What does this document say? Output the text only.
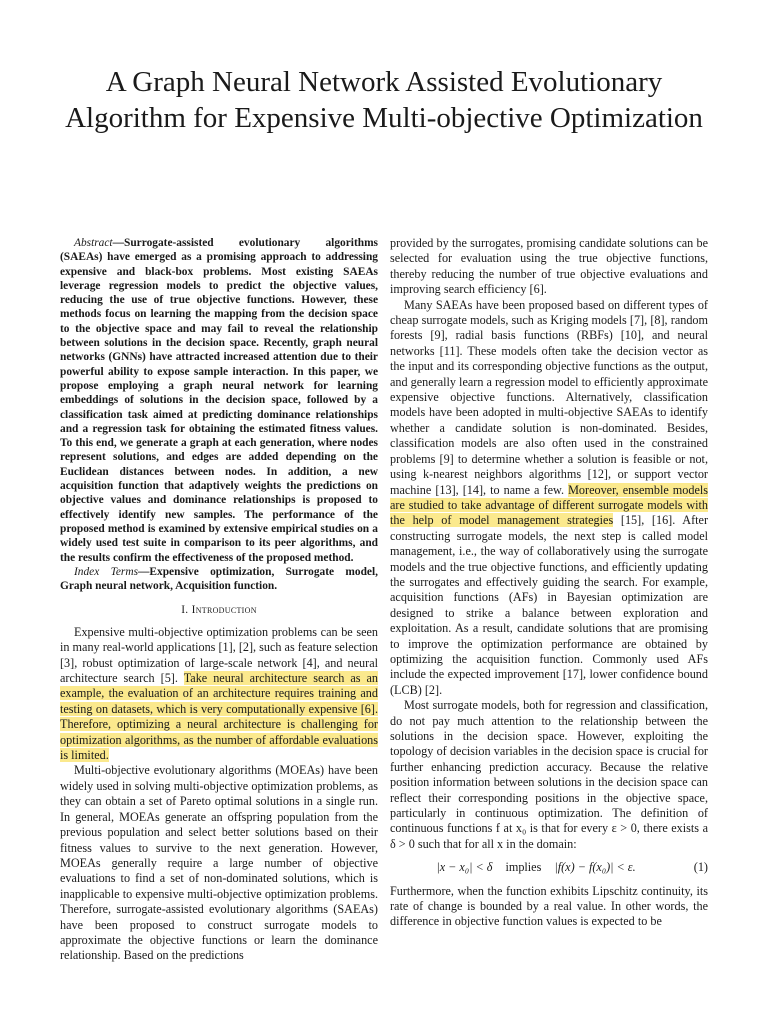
A Graph Neural Network Assisted Evolutionary Algorithm for Expensive Multi-objective Optimization

Abstract—Surrogate-assisted evolutionary algorithms (SAEAs) have emerged as a promising approach to addressing expensive and black-box problems. Most existing SAEAs leverage regression models to predict the objective values, reducing the use of true objective functions. However, these methods focus on learning the mapping from the decision space to the objective space and may fail to reveal the relationship between solutions in the decision space. Recently, graph neural networks (GNNs) have attracted increased attention due to their powerful ability to expose sample interaction. In this paper, we propose employing a graph neural network for learning embeddings of solutions in the decision space, followed by a classification task aimed at predicting dominance relationships and a regression task for obtaining the estimated fitness values. To this end, we generate a graph at each generation, where nodes represent solutions, and edges are added depending on the Euclidean distances between nodes. In addition, a new acquisition function that adaptively weights the predictions on objective values and dominance relationships is proposed to effectively identify new samples. The performance of the proposed method is examined by extensive empirical studies on a widely used test suite in comparison to its peer algorithms, and the results confirm the effectiveness of the proposed method.

Index Terms—Expensive optimization, Surrogate model, Graph neural network, Acquisition function.

I. Introduction

Expensive multi-objective optimization problems can be seen in many real-world applications [1], [2], such as feature selection [3], robust optimization of large-scale network [4], and neural architecture search [5]. Take neural architecture search as an example, the evaluation of an architecture requires training and testing on datasets, which is very computationally expensive [6]. Therefore, optimizing a neural architecture is challenging for optimization algorithms, as the number of affordable evaluations is limited.

Multi-objective evolutionary algorithms (MOEAs) have been widely used in solving multi-objective optimization problems, as they can obtain a set of Pareto optimal solutions in a single run. In general, MOEAs generate an offspring population from the previous population and select better solutions based on their fitness values to survive to the next generation. However, MOEAs generally require a large number of objective evaluations to find a set of non-dominated solutions, which is inapplicable to expensive multi-objective optimization problems. Therefore, surrogate-assisted evolutionary algorithms (SAEAs) have been proposed to construct surrogate models to approximate the objective functions or learn the dominance relationship. Based on the predictions

provided by the surrogates, promising candidate solutions can be selected for evaluation using the true objective functions, thereby reducing the number of true objective evaluations and improving search efficiency [6].

Many SAEAs have been proposed based on different types of cheap surrogate models, such as Kriging models [7], [8], random forests [9], radial basis functions (RBFs) [10], and neural networks [11]. These models often take the decision vector as the input and its corresponding objective functions as the output, and generally learn a regression model to efficiently approximate expensive objective functions. Alternatively, classification models have been adopted in multi-objective SAEAs to identify whether a candidate solution is non-dominated. Besides, classification models are also often used in the constrained problems [9] to determine whether a solution is feasible or not, using k-nearest neighbors algorithms [12], or support vector machine [13], [14], to name a few. Moreover, ensemble models are studied to take advantage of different surrogate models with the help of model management strategies [15], [16]. After constructing surrogate models, the next step is called model management, i.e., the way of collaboratively using the surrogate models and the true objective functions, and efficiently updating the surrogates and effectively guiding the search. For example, acquisition functions (AFs) in Bayesian optimization are designed to strike a balance between exploration and exploitation. As a result, candidate solutions that are promising to improve the optimization performance are obtained by optimizing the acquisition function. Commonly used AFs include the expected improvement [17], lower confidence bound (LCB) [2].

Most surrogate models, both for regression and classification, do not pay much attention to the relationship between the solutions in the decision space. However, exploiting the topology of decision variables in the decision space is crucial for further enhancing prediction accuracy. Because the relative position information between solutions in the decision space can reflect their corresponding positions in the objective space, particularly in continuous optimization. The definition of continuous functions f at x₀ is that for every ε > 0, there exists a δ > 0 such that for all x in the domain:

|x − x₀| < δ implies |f(x) − f(x₀)| < ε.	(1)

Furthermore, when the function exhibits Lipschitz continuity, its rate of change is bounded by a real value. In other words, the difference in objective function values is expected to be
